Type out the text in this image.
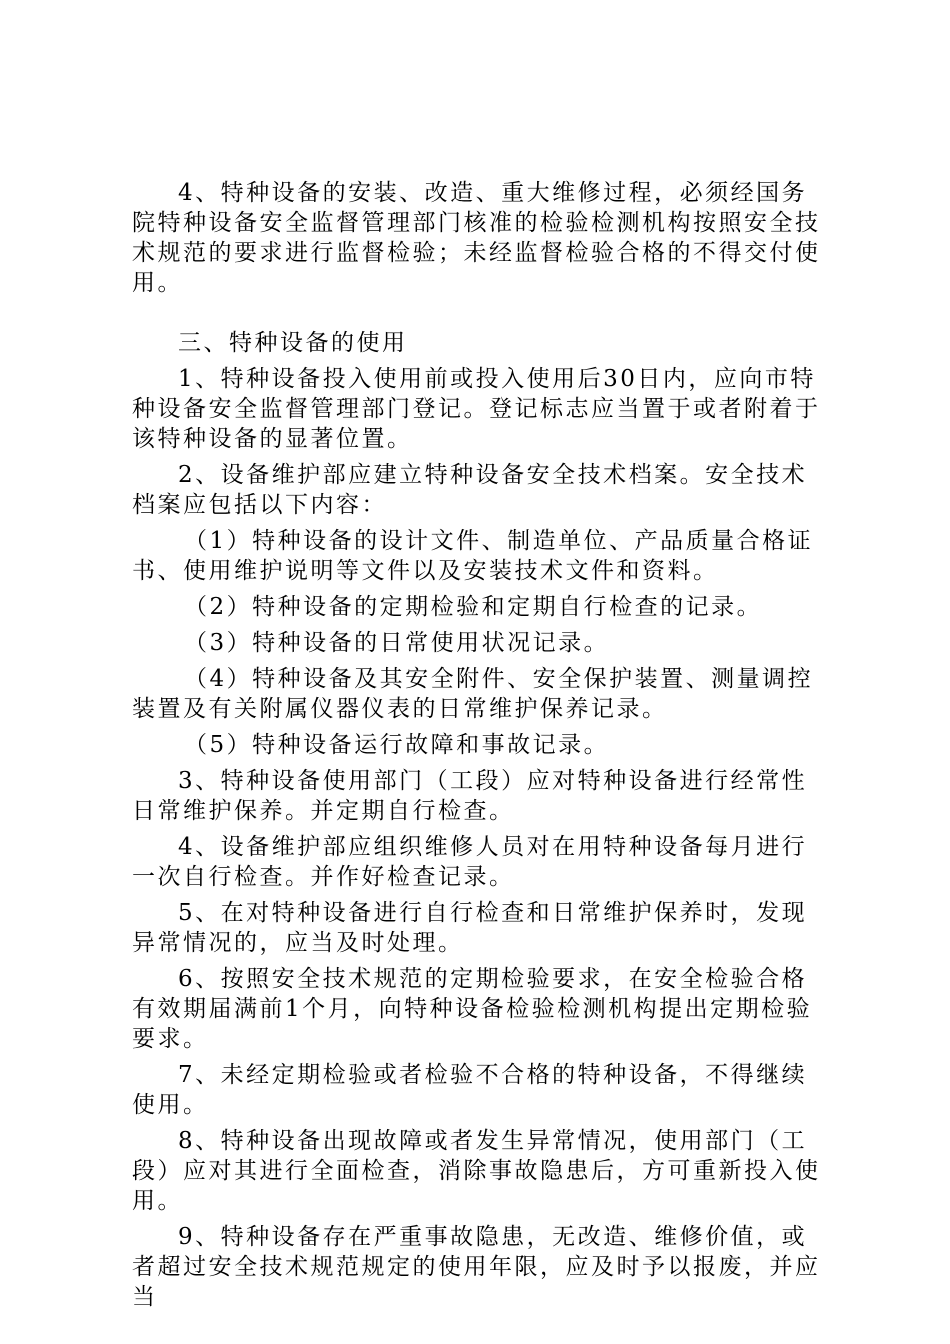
4、特种设备的安装、改造、重大维修过程，必须经国务院特种设备安全监督管理部门核准的检验检测机构按照安全技术规范的要求进行监督检验；未经监督检验合格的不得交付使用。

三、特种设备的使用

1、特种设备投入使用前或投入使用后30日内，应向市特种设备安全监督管理部门登记。登记标志应当置于或者附着于该特种设备的显著位置。

2、设备维护部应建立特种设备安全技术档案。安全技术档案应包括以下内容：

（1）特种设备的设计文件、制造单位、产品质量合格证书、使用维护说明等文件以及安装技术文件和资料。

（2）特种设备的定期检验和定期自行检查的记录。

（3）特种设备的日常使用状况记录。

（4）特种设备及其安全附件、安全保护装置、测量调控装置及有关附属仪器仪表的日常维护保养记录。

（5）特种设备运行故障和事故记录。

3、特种设备使用部门（工段）应对特种设备进行经常性日常维护保养。并定期自行检查。

4、设备维护部应组织维修人员对在用特种设备每月进行一次自行检查。并作好检查记录。

5、在对特种设备进行自行检查和日常维护保养时，发现异常情况的，应当及时处理。

6、按照安全技术规范的定期检验要求，在安全检验合格有效期届满前1个月，向特种设备检验检测机构提出定期检验要求。

7、未经定期检验或者检验不合格的特种设备，不得继续使用。

8、特种设备出现故障或者发生异常情况，使用部门（工段）应对其进行全面检查，消除事故隐患后，方可重新投入使用。

9、特种设备存在严重事故隐患，无改造、维修价值，或者超过安全技术规范规定的使用年限，应及时予以报废，并应当
